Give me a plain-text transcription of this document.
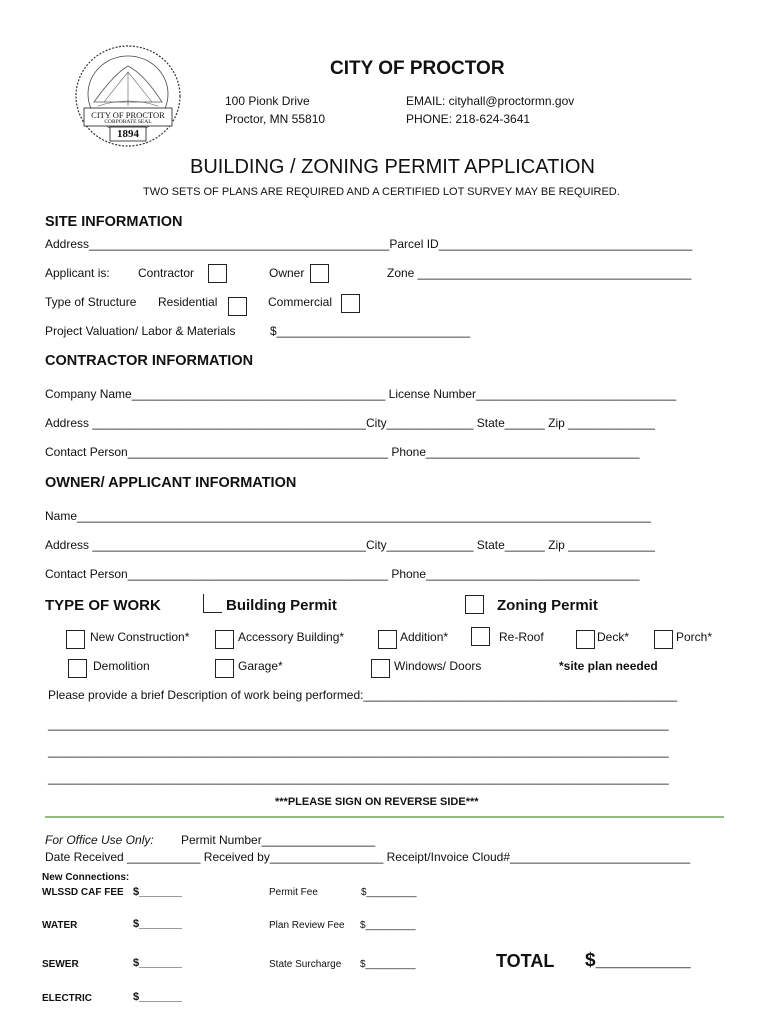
CITY OF PROCTOR
CORPORATE SEAL
1894
CITY OF PROCTOR
100 Pionk Drive
Proctor, MN 55810
EMAIL: cityhall@proctormn.gov
PHONE: 218-624-3641
BUILDING / ZONING PERMIT APPLICATION
TWO SETS OF PLANS ARE REQUIRED AND A CERTIFIED LOT SURVEY MAY BE REQUIRED.
SITE INFORMATION
Address_____________________________________________Parcel ID______________________________________
Applicant is: Contractor	Owner	Zone _________________________________________
Type of Structure Residential	Commercial
Project Valuation/ Labor & Materials	$_____________________________
CONTRACTOR INFORMATION
Company Name______________________________________ License Number______________________________
Address _________________________________________City_____________ State______ Zip _____________
Contact Person_______________________________________ Phone________________________________
OWNER/ APPLICANT INFORMATION
Name______________________________________________________________________________________
Address _________________________________________City_____________ State______ Zip _____________
Contact Person_______________________________________ Phone________________________________
TYPE OF WORK	Building Permit	Zoning Permit
New Construction*	Accessory Building*	Addition*	Re-Roof	Deck*	Porch*
Demolition	Garage*	Windows/ Doors	*site plan needed
Please provide a brief Description of work being performed:_______________________________________________
_____________________________________________________________________________________________
_____________________________________________________________________________________________
_____________________________________________________________________________________________
***PLEASE SIGN ON REVERSE SIDE***
For Office Use Only: Permit Number_________________
Date Received ___________ Received by_________________ Receipt/Invoice Cloud#___________________________
New Connections:
WLSSD CAF FEE $_______	Permit Fee	$_________
WATER	$_______	Plan Review Fee $_________
SEWER	$_______	State Surcharge $_________	TOTAL $_________
ELECTRIC	$_______
